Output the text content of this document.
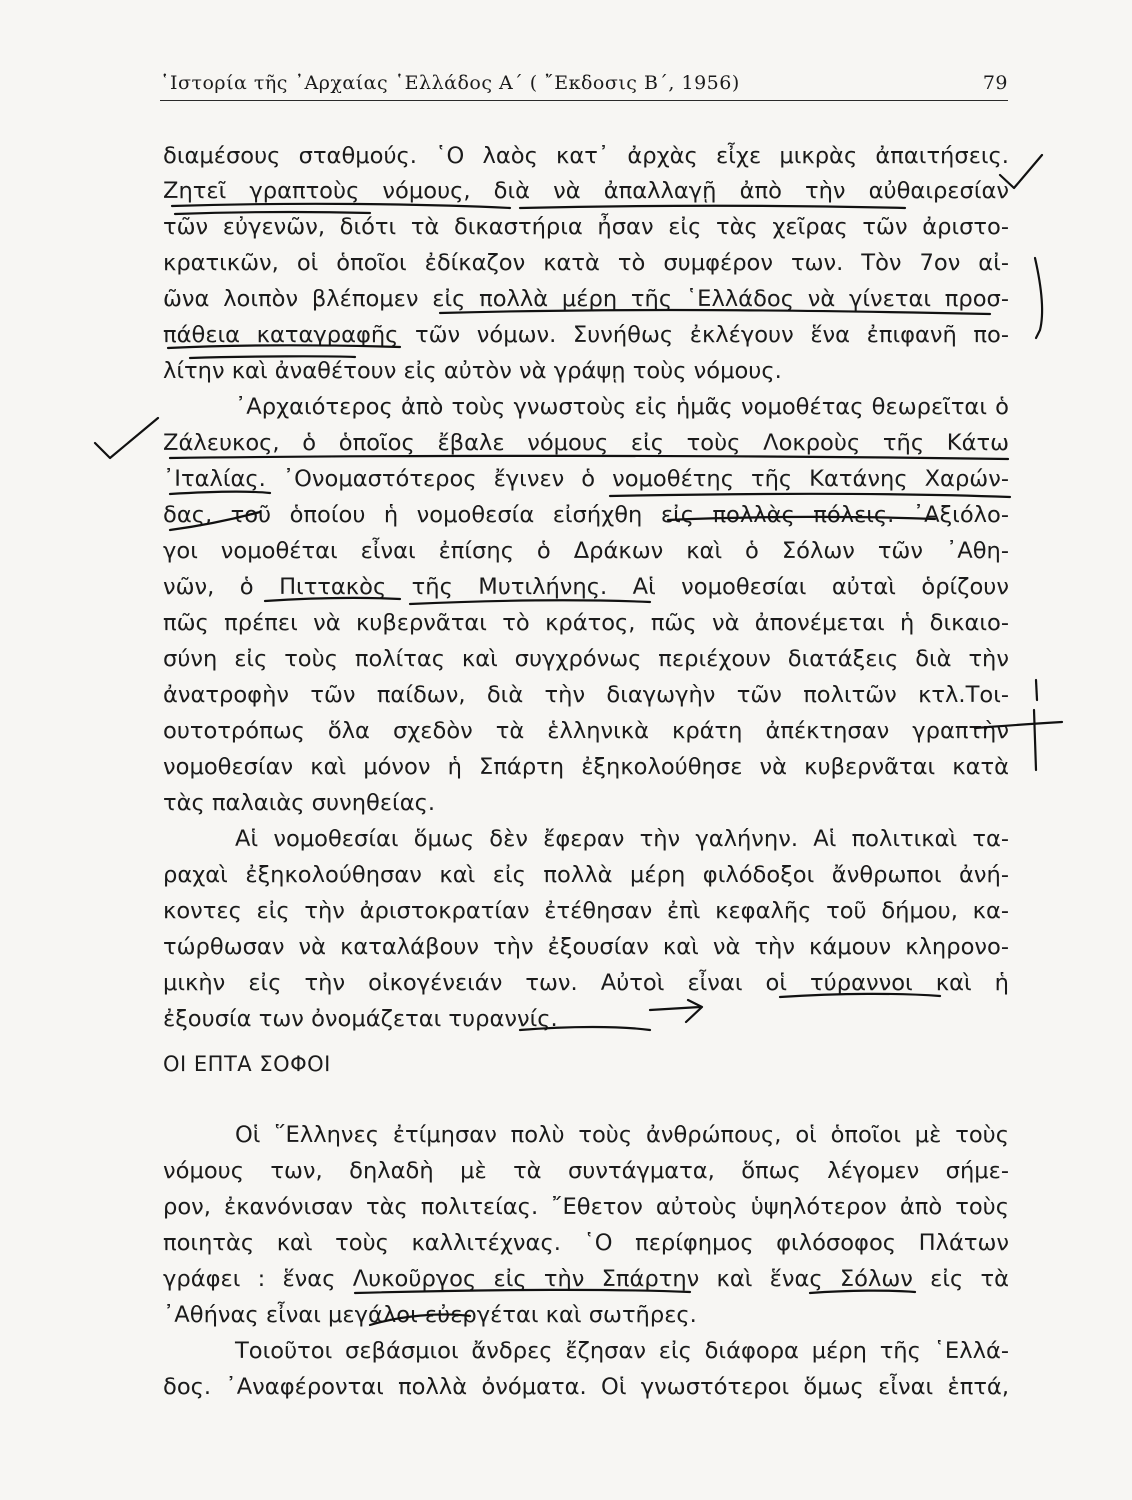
῾Ιστορία τῆς ᾿Αρχαίας ῾Ελλάδος Α΄ ( ῎Εκδοσις Β΄, 1956)	79
διαμέσους σταθμούς. ῾Ο λαὸς κατ᾿ ἀρχὰς εἶχε μικρὰς ἀπαιτήσεις.
Ζητεῖ γραπτοὺς νόμους, διὰ νὰ ἀπαλλαγῇ ἀπὸ τὴν αὐθαιρεσίαν
τῶν εὐγενῶν, διότι τὰ δικαστήρια ἦσαν εἰς τὰς χεῖρας τῶν ἀριστο-
κρατικῶν, οἱ ὁποῖοι ἐδίκαζον κατὰ τὸ συμφέρον των. Τὸν 7ον αἰ-
ῶνα λοιπὸν βλέπομεν εἰς πολλὰ μέρη τῆς ῾Ελλάδος νὰ γίνεται προσ-
πάθεια καταγραφῆς τῶν νόμων. Συνήθως ἐκλέγουν ἕνα ἐπιφανῆ πο-
λίτην καὶ ἀναθέτουν εἰς αὐτὸν νὰ γράψῃ τοὺς νόμους.
᾿Αρχαιότερος ἀπὸ τοὺς γνωστοὺς εἰς ἡμᾶς νομοθέτας θεωρεῖται ὁ
Ζάλευκος, ὁ ὁποῖος ἔβαλε νόμους εἰς τοὺς Λοκροὺς τῆς Κάτω
᾿Ιταλίας. ᾿Ονομαστότερος ἔγινεν ὁ νομοθέτης τῆς Κατάνης Χαρών-
δας, τοῦ ὁποίου ἡ νομοθεσία εἰσήχθη εἰς πολλὰς πόλεις. ᾿Αξιόλο-
γοι νομοθέται εἶναι ἐπίσης ὁ Δράκων καὶ ὁ Σόλων τῶν ᾿Αθη-
νῶν, ὁ Πιττακὸς τῆς Μυτιλήνης. Αἱ νομοθεσίαι αὐταὶ ὁρίζουν
πῶς πρέπει νὰ κυβερνᾶται τὸ κράτος, πῶς νὰ ἀπονέμεται ἡ δικαιο-
σύνη εἰς τοὺς πολίτας καὶ συγχρόνως περιέχουν διατάξεις διὰ τὴν
ἀνατροφὴν τῶν παίδων, διὰ τὴν διαγωγὴν τῶν πολιτῶν κτλ.Τοι-
ουτοτρόπως ὅλα σχεδὸν τὰ ἑλληνικὰ κράτη ἀπέκτησαν γραπτὴν
νομοθεσίαν καὶ μόνον ἡ Σπάρτη ἐξηκολούθησε νὰ κυβερνᾶται κατὰ
τὰς παλαιὰς συνηθείας.
Αἱ νομοθεσίαι ὅμως δὲν ἔφεραν τὴν γαλήνην. Αἱ πολιτικαὶ τα-
ραχαὶ ἐξηκολούθησαν καὶ εἰς πολλὰ μέρη φιλόδοξοι ἄνθρωποι ἀνή-
κοντες εἰς τὴν ἀριστοκρατίαν ἐτέθησαν ἐπὶ κεφαλῆς τοῦ δήμου, κα-
τώρθωσαν νὰ καταλάβουν τὴν ἐξουσίαν καὶ νὰ τὴν κάμουν κληρονο-
μικὴν εἰς τὴν οἰκογένειάν των. Αὐτοὶ εἶναι οἱ τύραννοι καὶ ἡ
ἐξουσία των ὀνομάζεται τυραννίς.
ΟΙ ΕΠΤΑ ΣΟΦΟΙ
Οἱ ῞Ελληνες ἐτίμησαν πολὺ τοὺς ἀνθρώπους, οἱ ὁποῖοι μὲ τοὺς
νόμους των, δηλαδὴ μὲ τὰ συντάγματα, ὅπως λέγομεν σήμε-
ρον, ἐκανόνισαν τὰς πολιτείας. ῎Εθετον αὐτοὺς ὑψηλότερον ἀπὸ τοὺς
ποιητὰς καὶ τοὺς καλλιτέχνας. ῾Ο περίφημος φιλόσοφος Πλάτων
γράφει : ἕνας Λυκοῦργος εἰς τὴν Σπάρτην καὶ ἕνας Σόλων εἰς τὰ
᾿Αθήνας εἶναι μεγάλοι εὐεργέται καὶ σωτῆρες.
Τοιοῦτοι σεβάσμιοι ἄνδρες ἔζησαν εἰς διάφορα μέρη τῆς ῾Ελλά-
δος. ᾿Αναφέρονται πολλὰ ὀνόματα. Οἱ γνωστότεροι ὅμως εἶναι ἑπτά,
